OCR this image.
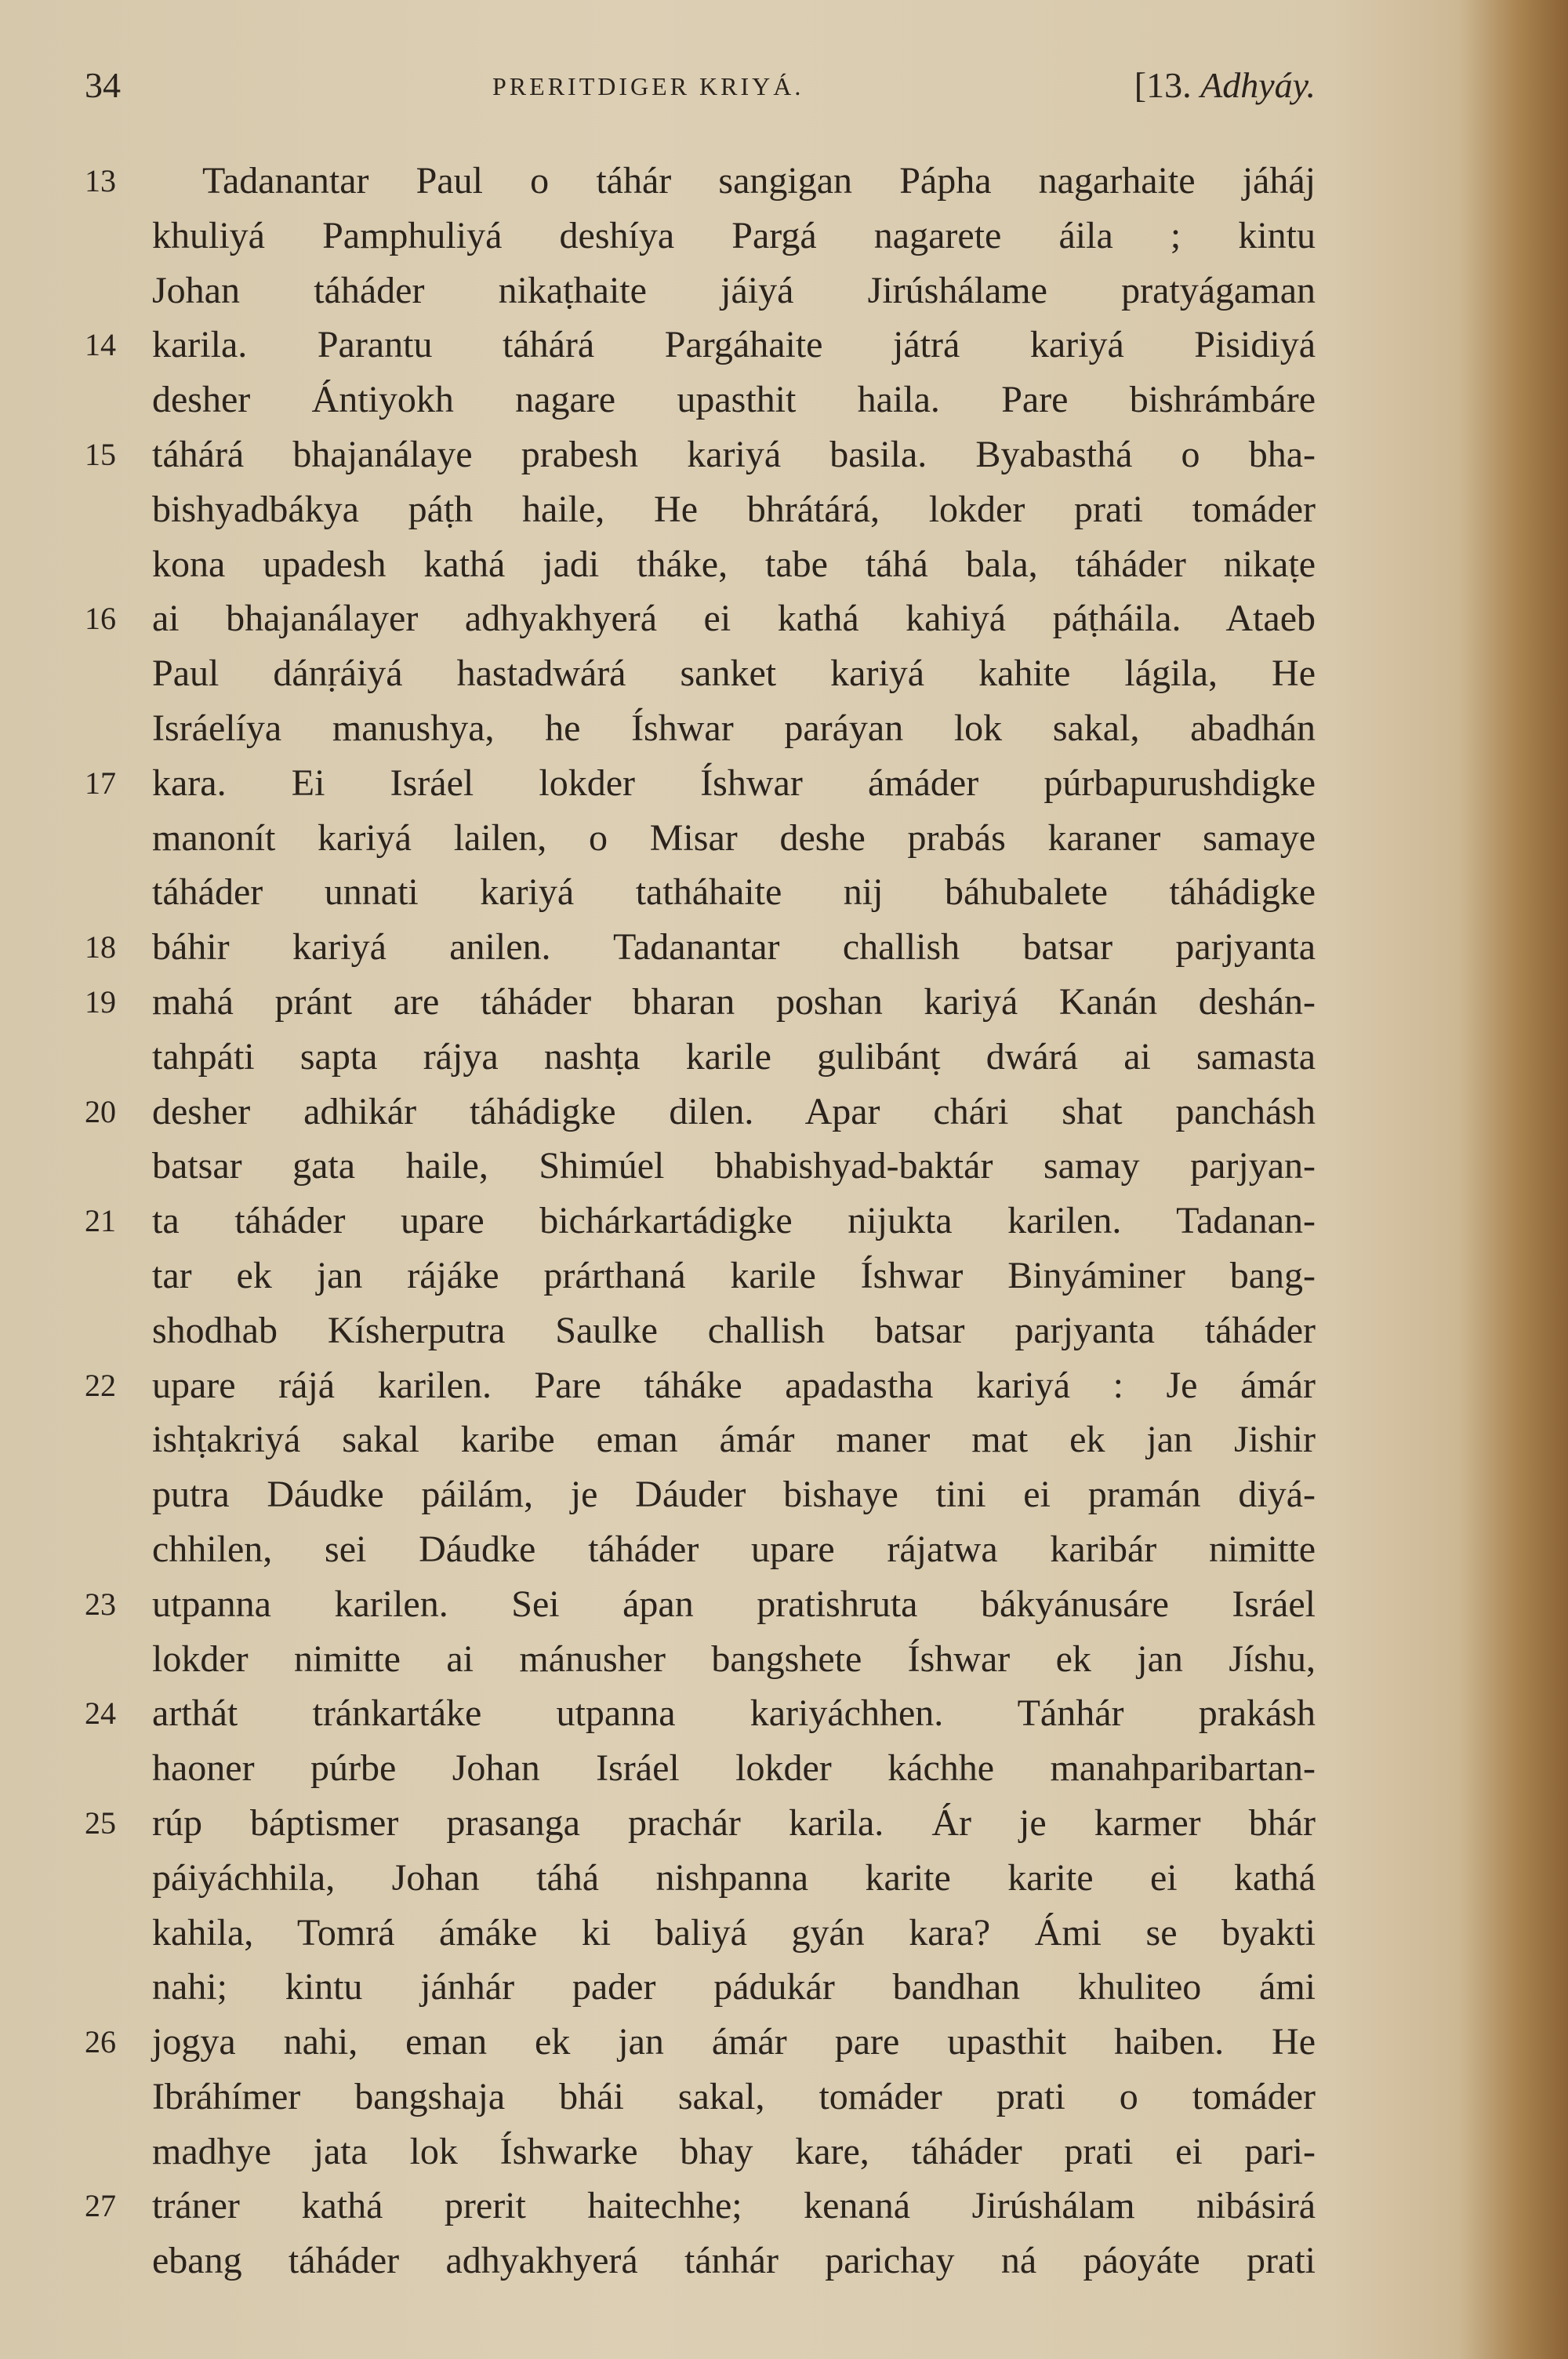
34	PRERITDIGER KRIYÁ.	[13. Adhyáy.
13	Tadanantar Paul o táhár sangigan Pápha nagarhaite jáháj
khuliyá Pamphuliyá deshíya Pargá nagarete áila ; kintu
Johan táháder nikaṭhaite jáiyá Jirúshálame pratyágaman
14 karila. Parantu táhárá Pargáhaite játrá kariyá Pisidiyá
desher Ántiyokh nagare upasthit haila. Pare bishrámbáre
15 táhárá bhajanálaye prabesh kariyá basila. Byabasthá o bha-
bishyadbákya páṭh haile, He bhrátárá, lokder prati tomáder
kona upadesh kathá jadi tháke, tabe táhá bala, táháder nikaṭe
16 ai bhajanálayer adhyakhyerá ei kathá kahiyá páṭháila. Ataeb
Paul dánṛáiyá hastadwárá sanket kariyá kahite lágila, He
Isráelíya manushya, he Íshwar paráyan lok sakal, abadhán
17 kara. Ei Isráel lokder Íshwar ámáder púrbapurushdigke
manonít kariyá lailen, o Misar deshe prabás karaner samaye
táháder unnati kariyá tatháhaite nij báhubalete táhádigke
18 báhir kariyá anilen. Tadanantar challish batsar parjyanta
19 mahá pránt are táháder bharan poshan kariyá Kanán deshán-
tahpáti sapta rájya nashṭa karile gulibánṭ dwárá ai samasta
20 desher adhikár táhádigke dilen. Apar chári shat panchásh
batsar gata haile, Shimúel bhabishyad-baktár samay parjyan-
21 ta táháder upare bichárkartádigke nijukta karilen. Tadanan-
tar ek jan rájáke prárthaná karile Íshwar Binyáminer bang-
shodhab Kísherputra Saulke challish batsar parjyanta táháder
22 upare rájá karilen. Pare táháke apadastha kariyá : Je ámár
ishṭakriyá sakal karibe eman ámár maner mat ek jan Jishir
putra Dáudke páilám, je Dáuder bishaye tini ei pramán diyá-
chhilen, sei Dáudke táháder upare rájatwa karibár nimitte
23 utpanna karilen. Sei ápan pratishruta bákyánusáre Isráel
lokder nimitte ai mánusher bangshete Íshwar ek jan Jíshu,
24 arthát tránkartáke utpanna kariyáchhen. Tánhár prakásh
haoner púrbe Johan Isráel lokder káchhe manahparibartan-
25 rúp báptismer prasanga prachár karila. Ár je karmer bhár
páiyáchhila, Johan táhá nishpanna karite karite ei kathá
kahila, Tomrá ámáke ki baliyá gyán kara? Ámi se byakti
nahi; kintu jánhár pader pádukár bandhan khuliteo ámi
26 jogya nahi, eman ek jan ámár pare upasthit haiben. He
Ibráhímer bangshaja bhái sakal, tomáder prati o tomáder
madhye jata lok Íshwarke bhay kare, táháder prati ei pari-
27 tráner kathá prerit haitechhe; kenaná Jirúshálam nibásirá
ebang táháder adhyakhyerá tánhár parichay ná páoyáte prati
